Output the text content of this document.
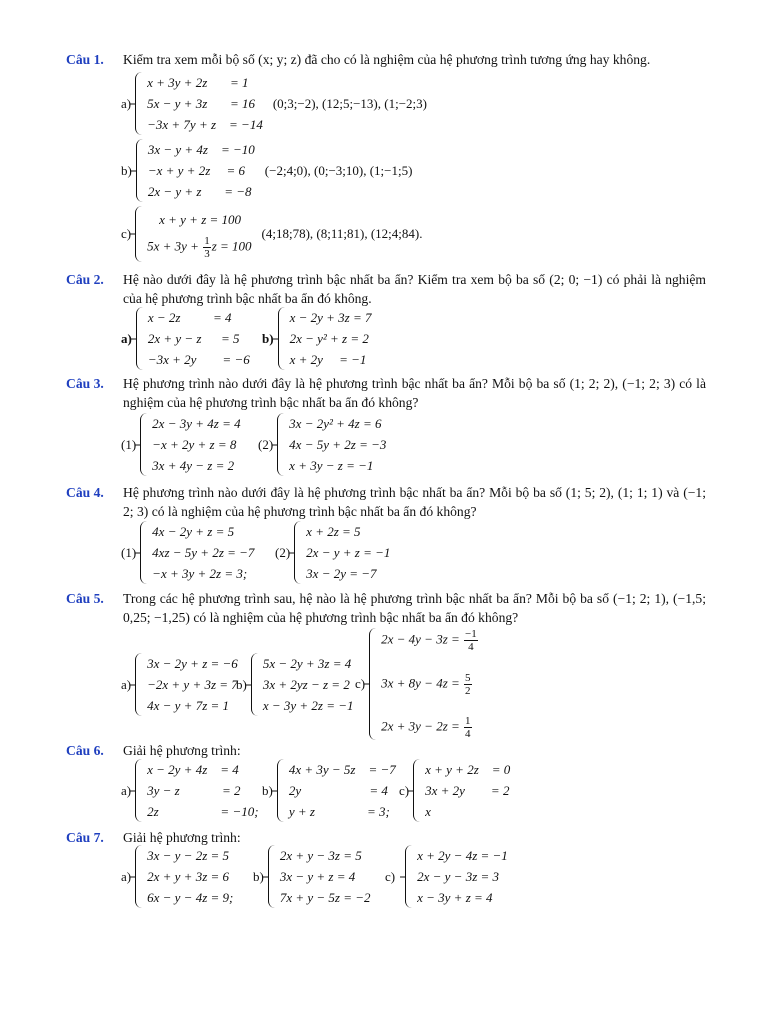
Câu 1.	Kiểm tra xem mỗi bộ số (x; y; z) đã cho có là nghiệm của hệ phương trình tương ứng hay không.
a)
x + 3y + 2z       = 1
5x − y + 3z       = 16
−3x + 7y + z    = −14
(0;3;−2), (12;5;−13), (1;−2;3)
b)
3x − y + 4z    = −10
−x + y + 2z     = 6
2x − y + z       = −8
(−2;4;0), (0;−3;10), (1;−1;5)
c)
x + y + z = 100
$5x + 3y + \frac{1}{3}$ z = 100
(4;18;78), (8;11;81), (12;4;84).
Câu 2.	Hệ nào dưới đây là hệ phương trình bậc nhất ba ẩn? Kiểm tra xem bộ ba số (2; 0; −1) có phải là nghiệm của hệ phương trình bậc nhất ba ẩn đó không.
a)
x − 2z          = 4
2x + y − z      = 5
−3x + 2y        = −6
b)
x − 2y + 3z = 7
2x − y² + z = 2
x + 2y     = −1
Câu 3.	Hệ phương trình nào dưới đây là hệ phương trình bậc nhất ba ẩn? Mỗi bộ ba số (1; 2; 2), (−1; 2; 3) có là nghiệm của hệ phương trình bậc nhất ba ẩn đó không?
(1)
2x − 3y + 4z = 4
−x + 2y + z = 8
3x + 4y − z = 2
(2)
3x − 2y² + 4z = 6
4x − 5y + 2z = −3
x + 3y − z = −1
Câu 4.	Hệ phương trình nào dưới đây là hệ phương trình bậc nhất ba ẩn? Mỗi bộ ba số (1; 5; 2), (1; 1; 1) và (−1; 2; 3) có là nghiệm của hệ phương trình bậc nhất ba ẩn đó không?
(1)
4x − 2y + z = 5
4xz − 5y + 2z = −7
−x + 3y + 2z = 3;
(2)
x + 2z = 5
2x − y + z = −1
3x − 2y = −7
Câu 5.	Trong các hệ phương trình sau, hệ nào là hệ phương trình bậc nhất ba ẩn? Mỗi bộ ba số (−1; 2; 1), (−1,5; 0,25; −1,25) có là nghiệm của hệ phương trình bậc nhất ba ẩn đó không?
a)
3x − 2y + z = −6
−2x + y + 3z = 7
4x − y + 7z = 1
b)
5x − 2y + 3z = 4
3x + 2yz − z = 2
x − 3y + 2z = −1
c)
$2x - 4y - 3z = \frac{-1}{4}$
$3x + 8y - 4z = \frac{5}{2}$
$2x + 3y - 2z = \frac{1}{4}$
Câu 6.	Giải hệ phương trình:
a)
x − 2y + 4z    = 4
3y − z             = 2
2z                   = −10;
b)
4x + 3y − 5z    = −7
2y                     = 4
y + z                = 3;
c)
x + y + 2z    = 0
3x + 2y        = 2
x
Câu 7.	Giải hệ phương trình:
a)
3x − y − 2z = 5
2x + y + 3z = 6
6x − y − 4z = 9;
b)
2x + y − 3z = 5
3x − y + z = 4
7x + y − 5z = −2
c)
x + 2y − 4z = −1
2x − y − 3z = 3
x − 3y + z = 4
